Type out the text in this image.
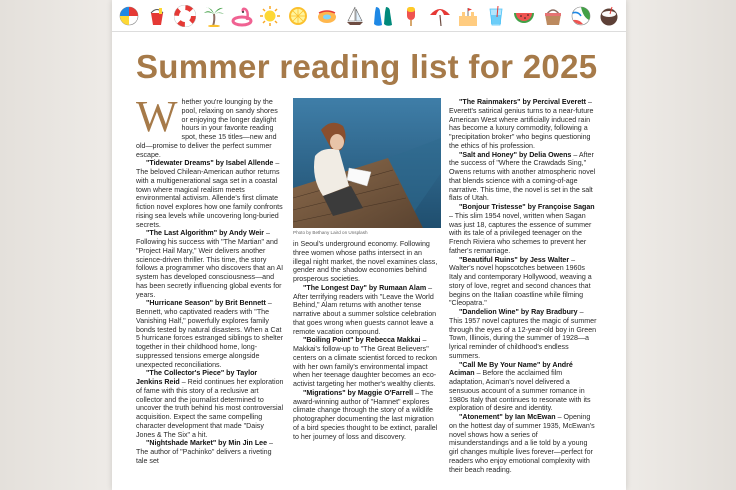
Summer reading list for 2025

W hether you're lounging by the pool, relaxing on sandy shores or enjoying the longer daylight hours in your favorite reading spot, these 15 titles—new and old—promise to deliver the perfect summer escape.

"Tidewater Dreams" by Isabel Allende – The beloved Chilean-American author returns with a multigenerational saga set in a coastal town where magical realism meets environmental activism. Allende's first climate fiction novel explores how one family confronts rising sea levels while uncovering long-buried secrets.

"The Last Algorithm" by Andy Weir – Following his success with "The Martian" and "Project Hail Mary," Weir delivers another science-driven thriller. This time, the story follows a programmer who discovers that an AI system has developed consciousness—and has been secretly influencing global events for years.

"Hurricane Season" by Brit Bennett – Bennett, who captivated readers with "The Vanishing Half," powerfully explores family bonds tested by natural disasters. When a Cat 5 hurricane forces estranged siblings to shelter together in their childhood home, long-suppressed tensions emerge alongside unexpected reconciliations.

"The Collector's Piece" by Taylor Jenkins Reid – Reid continues her exploration of fame with this story of a reclusive art collector and the journalist determined to uncover the truth behind his most controversial acquisition. Expect the same compelling character development that made "Daisy Jones & The Six" a hit.

"Nightshade Market" by Min Jin Lee – The author of "Pachinko" delivers a riveting tale set

Photo by Bethany Laird on Unsplash

in Seoul's underground economy. Following three women whose paths intersect in an illegal night market, the novel examines class, gender and the shadow economies behind prosperous societies.

"The Longest Day" by Rumaan Alam – After terrifying readers with "Leave the World Behind," Alam returns with another tense narrative about a summer solstice celebration that goes wrong when guests cannot leave a remote vacation compound.

"Boiling Point" by Rebecca Makkai – Makkai's follow-up to "The Great Believers" centers on a climate scientist forced to reckon with her own family's environmental impact when her teenage daughter becomes an eco-activist targeting her mother's wealthy clients.

"Migrations" by Maggie O'Farrell – The award-winning author of "Hamnet" explores climate change through the story of a wildlife photographer documenting the last migration of a bird species thought to be extinct, parallel to her journey of loss and discovery.

"The Rainmakers" by Percival Everett – Everett's satirical genius turns to a near-future American West where artificially induced rain has become a luxury commodity, following a "precipitation broker" who begins questioning the ethics of his profession.

"Salt and Honey" by Delia Owens – After the success of "Where the Crawdads Sing," Owens returns with another atmospheric novel that blends science with a coming-of-age narrative. This time, the novel is set in the salt flats of Utah.

"Bonjour Tristesse" by Françoise Sagan – This slim 1954 novel, written when Sagan was just 18, captures the essence of summer with its tale of a privileged teenager on the French Riviera who schemes to prevent her father's remarriage.

"Beautiful Ruins" by Jess Walter – Walter's novel hopscotches between 1960s Italy and contemporary Hollywood, weaving a story of love, regret and second chances that begins on the Italian coastline while filming "Cleopatra."

"Dandelion Wine" by Ray Bradbury – This 1957 novel captures the magic of summer through the eyes of a 12-year-old boy in Green Town, Illinois, during the summer of 1928—a lyrical reminder of childhood's endless summers.

"Call Me By Your Name" by André Aciman – Before the acclaimed film adaptation, Aciman's novel delivered a sensuous account of a summer romance in 1980s Italy that continues to resonate with its exploration of desire and identity.

"Atonement" by Ian McEwan – Opening on the hottest day of summer 1935, McEwan's novel shows how a series of misunderstandings and a lie told by a young girl changes multiple lives forever—perfect for readers who enjoy emotional complexity with their beach reading.
